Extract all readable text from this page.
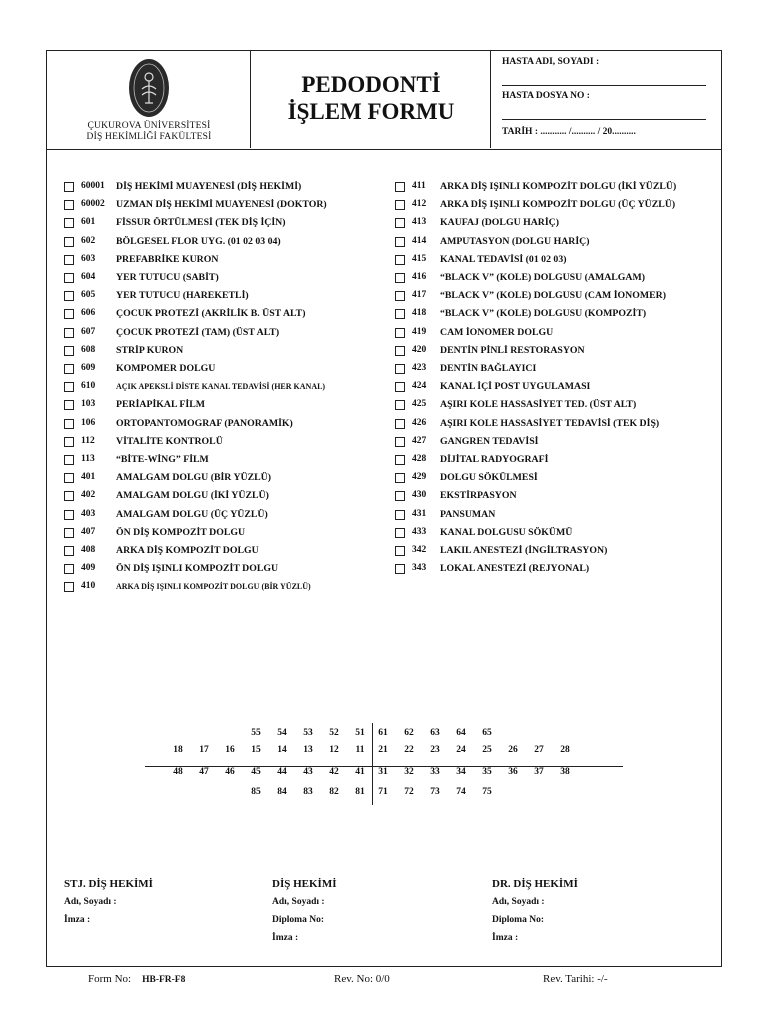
ÇUKUROVA ÜNİVERSİTESİ
DİŞ HEKİMLİĞİ FAKÜLTESİ
PEDODONTİ
İŞLEM FORMU
HASTA ADI, SOYADI :
HASTA DOSYA NO :
TARİH : ........... /.......... / 20..........
60001 DİŞ HEKİMİ MUAYENESİ (DİŞ HEKİMİ)
60002 UZMAN DİŞ HEKİMİ MUAYENESİ (DOKTOR)
601 FİSSUR ÖRTÜLMESİ (TEK DİŞ İÇİN)
602 BÖLGESEL FLOR UYG. (01 02 03 04)
603 PREFABRİKE KURON
604 YER TUTUCU (SABİT)
605 YER TUTUCU (HAREKETLİ)
606 ÇOCUK PROTEZİ (AKRİLİK B. ÜST ALT)
607 ÇOCUK PROTEZİ (TAM) (ÜST ALT)
608 STRİP KURON
609 KOMPOMER DOLGU
610	AÇIK APEKSLİ DİSTE KANAL TEDAVİSİ (HER KANAL)
103 PERİAPİKAL FİLM
106 ORTOPANTOMOGRAF (PANORAMİK)
112 VİTALİTE KONTROLÜ
113 “BİTE-WİNG” FİLM
401 AMALGAM DOLGU (BİR YÜZLÜ)
402 AMALGAM DOLGU (İKİ YÜZLÜ)
403 AMALGAM DOLGU (ÜÇ YÜZLÜ)
407 ÖN DİŞ KOMPOZİT DOLGU
408 ARKA DİŞ KOMPOZİT DOLGU
409 ÖN DİŞ IŞINLI KOMPOZİT DOLGU
410	ARKA DİŞ IŞINLI KOMPOZİT DOLGU (BİR YÜZLÜ)
411 ARKA DİŞ IŞINLI KOMPOZİT DOLGU (İKİ YÜZLÜ)
412 ARKA DİŞ IŞINLI KOMPOZİT DOLGU (ÜÇ YÜZLÜ)
413 KAUFAJ (DOLGU HARİÇ)
414 AMPUTASYON (DOLGU HARİÇ)
415 KANAL TEDAVİSİ (01 02 03)
416 “BLACK V” (KOLE) DOLGUSU (AMALGAM)
417 “BLACK V” (KOLE) DOLGUSU (CAM İONOMER)
418 “BLACK V” (KOLE) DOLGUSU (KOMPOZİT)
419 CAM İONOMER DOLGU
420 DENTİN PİNLİ RESTORASYON
423 DENTİN BAĞLAYICI
424 KANAL İÇİ POST UYGULAMASI
425 AŞIRI KOLE HASSASİYET TED. (ÜST ALT)
426 AŞIRI KOLE HASSASİYET TEDAVİSİ (TEK DİŞ)
427 GANGREN TEDAVİSİ
428 DİJİTAL RADYOGRAFİ
429 DOLGU SÖKÜLMESİ
430 EKSTİRPASYON
431 PANSUMAN
433 KANAL DOLGUSU SÖKÜMÜ
342 LAKIL ANESTEZİ (İNGİLTRASYON)
343 LOKAL ANESTEZİ (REJYONAL)
55	54	53	52	51	61	62	63	64	65
18	17	16	15	14	13	12	11	21	22	23	24	25	26	27	28
48	47	46	45	44	43	42	41	31	32	33	34	35	36	37	38
85	84	83	82	81	71	72	73	74	75
STJ. DİŞ HEKİMİ
Adı, Soyadı :
İmza :
DİŞ HEKİMİ
Adı, Soyadı :
Diploma No:
İmza :
DR. DİŞ HEKİMİ
Adı, Soyadı :
Diploma No:
İmza :
Form No: HB-FR-F8	Rev. No: 0/0	Rev. Tarihi: -/-
